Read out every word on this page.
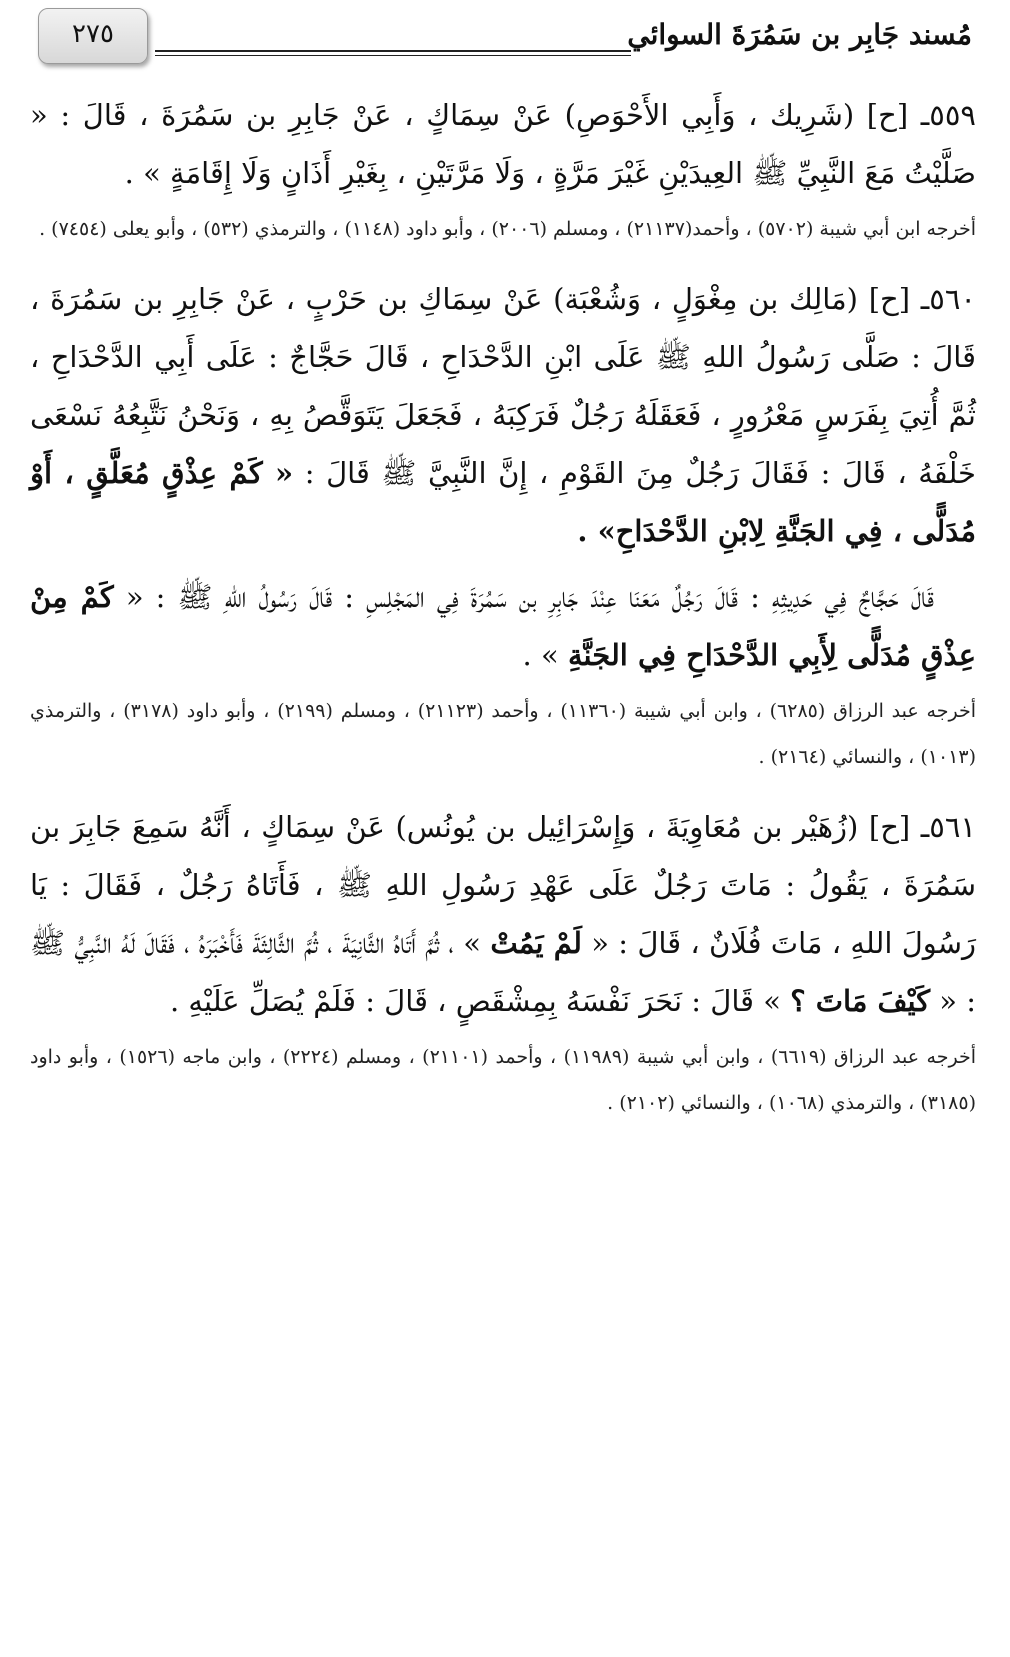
مُسند جَابِر بن سَمُرَةَ السوائي
٢٧٥

٥٥٩ـ [ح] (شَرِيك ، وَأَبِي الأَحْوَصِ) عَنْ سِمَاكٍ ، عَنْ جَابِرِ بن سَمُرَةَ ، قَالَ : « صَلَّيْتُ مَعَ النَّبِيِّ ﷺ العِيدَيْنِ غَيْرَ مَرَّةٍ ، وَلَا مَرَّتَيْنِ ، بِغَيْرِ أَذَانٍ وَلَا إِقَامَةٍ » .

أخرجه ابن أبي شيبة (٥٧٠٢) ، وأحمد(٢١١٣٧) ، ومسلم (٢٠٠٦) ، وأبو داود (١١٤٨) ، والترمذي (٥٣٢) ، وأبو يعلى (٧٤٥٤) .

٥٦٠ـ [ح] (مَالِك بن مِغْوَلٍ ، وَشُعْبَة) عَنْ سِمَاكِ بن حَرْبٍ ، عَنْ جَابِرِ بن سَمُرَةَ ، قَالَ : صَلَّى رَسُولُ اللهِ ﷺ عَلَى ابْنِ الدَّحْدَاحِ ، قَالَ حَجَّاجٌ : عَلَى أَبِي الدَّحْدَاحِ ، ثُمَّ أُتِيَ بِفَرَسٍ مَعْرُورٍ ، فَعَقَلَهُ رَجُلٌ فَرَكِبَهُ ، فَجَعَلَ يَتَوَقَّصُ بِهِ ، وَنَحْنُ نَتَّبِعُهُ نَسْعَى خَلْفَهُ ، قَالَ : فَقَالَ رَجُلٌ مِنَ القَوْمِ ، إِنَّ النَّبِيَّ ﷺ قَالَ : « كَمْ عِذْقٍ مُعَلَّقٍ ، أَوْ مُدَلًّى ، فِي الجَنَّةِ لِابْنِ الدَّحْدَاحِ» .

قَالَ حَجَّاجٌ فِي حَدِيثِهِ : قَالَ رَجُلٌ مَعَنَا عِنْدَ جَابِرِ بن سَمُرَةَ فِي المَجْلِسِ : قَالَ رَسُولُ اللهِ ﷺ : « كَمْ مِنْ عِذْقٍ مُدَلًّى لِأَبِي الدَّحْدَاحِ فِي الجَنَّةِ » .

أخرجه عبد الرزاق (٦٢٨٥) ، وابن أبي شيبة (١١٣٦٠) ، وأحمد (٢١١٢٣) ، ومسلم (٢١٩٩) ، وأبو داود (٣١٧٨) ، والترمذي (١٠١٣) ، والنسائي (٢١٦٤) .

٥٦١ـ [ح] (زُهَيْر بن مُعَاوِيَةَ ، وَإِسْرَائِيل بن يُونُس) عَنْ سِمَاكٍ ، أَنَّهُ سَمِعَ جَابِرَ بن سَمُرَةَ ، يَقُولُ : مَاتَ رَجُلٌ عَلَى عَهْدِ رَسُولِ اللهِ ﷺ ، فَأَتَاهُ رَجُلٌ ، فَقَالَ : يَا رَسُولَ اللهِ ، مَاتَ فُلَانٌ ، قَالَ : « لَمْ يَمُتْ » ، ثُمَّ أَتَاهُ الثَّانِيَةَ ، ثُمَّ الثَّالِثَةَ فَأَخْبَرَهُ ، فَقَالَ لَهُ النَّبِيُّ ﷺ : « كَيْفَ مَاتَ ؟ » قَالَ : نَحَرَ نَفْسَهُ بِمِشْقَصٍ ، قَالَ : فَلَمْ يُصَلِّ عَلَيْهِ .

أخرجه عبد الرزاق (٦٦١٩) ، وابن أبي شيبة (١١٩٨٩) ، وأحمد (٢١١٠١) ، ومسلم (٢٢٢٤) ، وابن ماجه (١٥٢٦) ، وأبو داود (٣١٨٥) ، والترمذي (١٠٦٨) ، والنسائي (٢١٠٢) .
